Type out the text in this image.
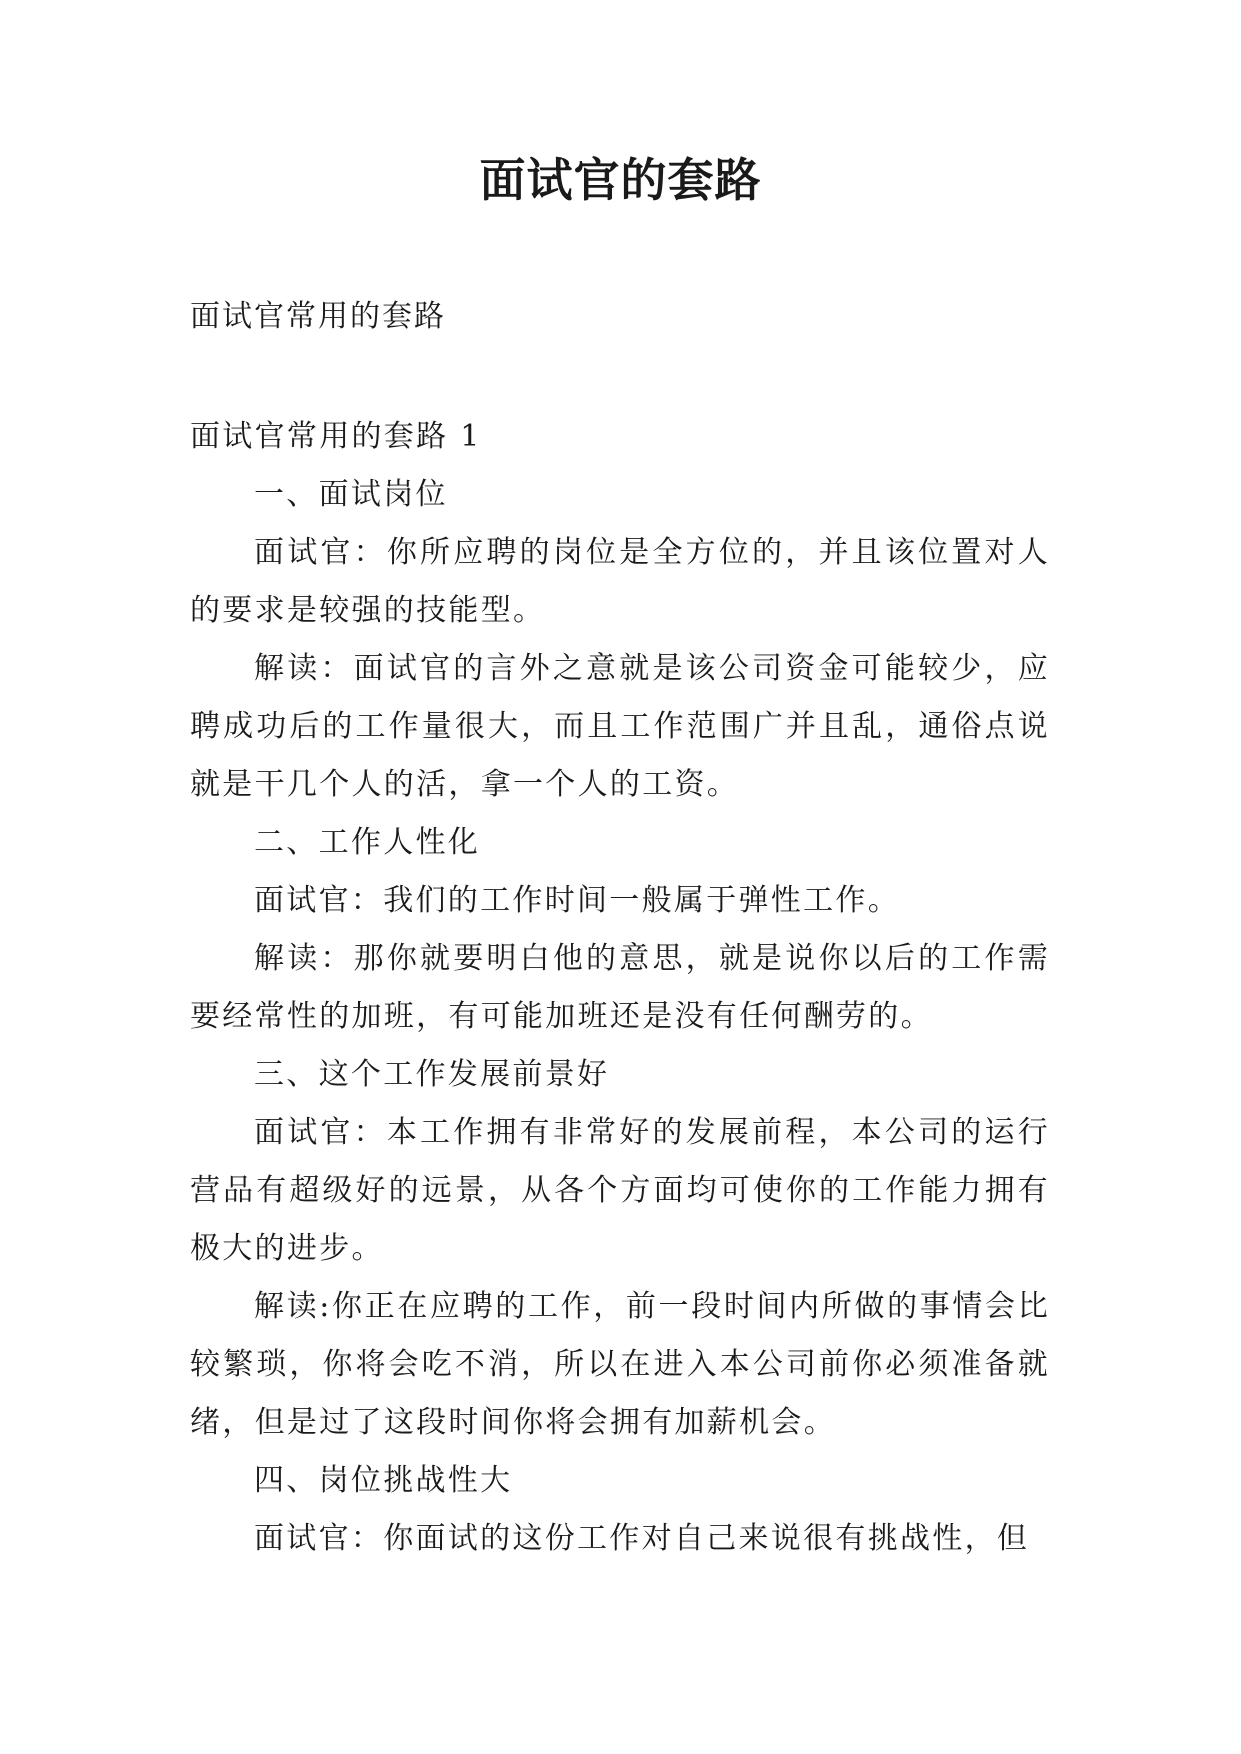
面试官的套路

面试官常用的套路

面试官常用的套路 1

一、面试岗位

面试官：你所应聘的岗位是全方位的，并且该位置对人的要求是较强的技能型。

解读：面试官的言外之意就是该公司资金可能较少，应聘成功后的工作量很大，而且工作范围广并且乱，通俗点说就是干几个人的活，拿一个人的工资。

二、工作人性化

面试官：我们的工作时间一般属于弹性工作。

解读：那你就要明白他的意思，就是说你以后的工作需要经常性的加班，有可能加班还是没有任何酬劳的。

三、这个工作发展前景好

面试官：本工作拥有非常好的发展前程，本公司的运行营品有超级好的远景，从各个方面均可使你的工作能力拥有极大的进步。

解读:你正在应聘的工作，前一段时间内所做的事情会比较繁琐，你将会吃不消，所以在进入本公司前你必须准备就绪，但是过了这段时间你将会拥有加薪机会。

四、岗位挑战性大

面试官：你面试的这份工作对自己来说很有挑战性，但
